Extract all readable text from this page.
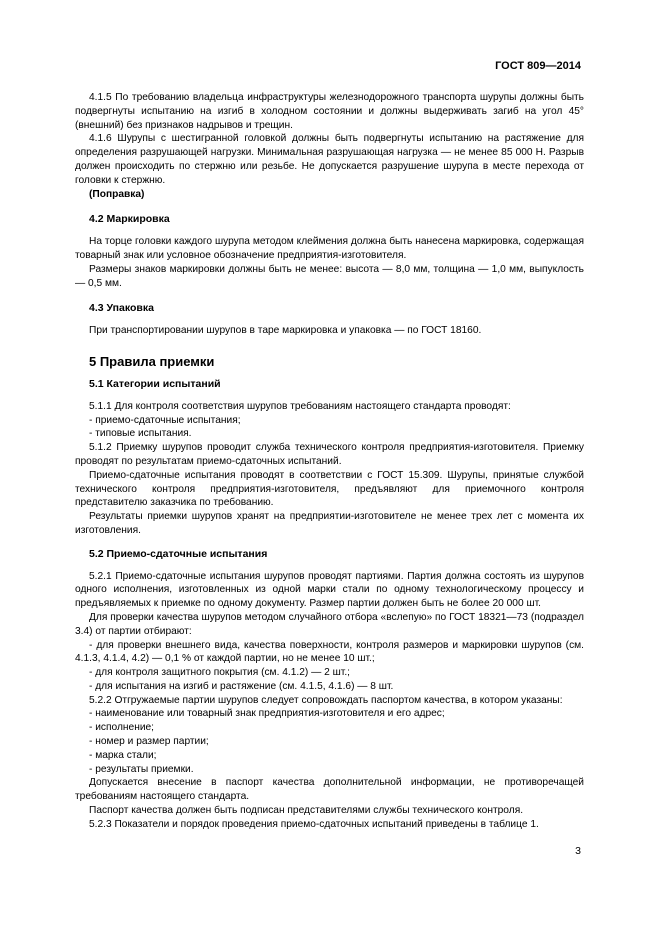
ГОСТ 809—2014
4.1.5 По требованию владельца инфраструктуры железнодорожного транспорта шурупы должны быть подвергнуты испытанию на изгиб в холодном состоянии и должны выдерживать загиб на угол 45° (внешний) без признаков надрывов и трещин.
4.1.6 Шурупы с шестигранной головкой должны быть подвергнуты испытанию на растяжение для определения разрушающей нагрузки. Минимальная разрушающая нагрузка — не менее 85 000 Н. Разрыв должен происходить по стержню или резьбе. Не допускается разрушение шурупа в месте перехода от головки к стержню.
(Поправка)
4.2 Маркировка
На торце головки каждого шурупа методом клеймения должна быть нанесена маркировка, содержащая товарный знак или условное обозначение предприятия-изготовителя.
Размеры знаков маркировки должны быть не менее: высота — 8,0 мм, толщина — 1,0 мм, выпуклость — 0,5 мм.
4.3 Упаковка
При транспортировании шурупов в таре маркировка и упаковка — по ГОСТ 18160.
5 Правила приемки
5.1 Категории испытаний
5.1.1 Для контроля соответствия шурупов требованиям настоящего стандарта проводят:
- приемо-сдаточные испытания;
- типовые испытания.
5.1.2 Приемку шурупов проводит служба технического контроля предприятия-изготовителя. Приемку проводят по результатам приемо-сдаточных испытаний.
Приемо-сдаточные испытания проводят в соответствии с ГОСТ 15.309. Шурупы, принятые службой технического контроля предприятия-изготовителя, предъявляют для приемочного контроля представителю заказчика по требованию.
Результаты приемки шурупов хранят на предприятии-изготовителе не менее трех лет с момента их изготовления.
5.2 Приемо-сдаточные испытания
5.2.1 Приемо-сдаточные испытания шурупов проводят партиями. Партия должна состоять из шурупов одного исполнения, изготовленных из одной марки стали по одному технологическому процессу и предъявляемых к приемке по одному документу. Размер партии должен быть не более 20 000 шт.
Для проверки качества шурупов методом случайного отбора «вслепую» по ГОСТ 18321—73 (подраздел 3.4) от партии отбирают:
- для проверки внешнего вида, качества поверхности, контроля размеров и маркировки шурупов (см. 4.1.3, 4.1.4, 4.2) — 0,1 % от каждой партии, но не менее 10 шт.;
- для контроля защитного покрытия (см. 4.1.2) — 2 шт.;
- для испытания на изгиб и растяжение (см. 4.1.5, 4.1.6) — 8 шт.
5.2.2 Отгружаемые партии шурупов следует сопровождать паспортом качества, в котором указаны:
- наименование или товарный знак предприятия-изготовителя и его адрес;
- исполнение;
- номер и размер партии;
- марка стали;
- результаты приемки.
Допускается внесение в паспорт качества дополнительной информации, не противоречащей требованиям настоящего стандарта.
Паспорт качества должен быть подписан представителями службы технического контроля.
5.2.3 Показатели и порядок проведения приемо-сдаточных испытаний приведены в таблице 1.
3
